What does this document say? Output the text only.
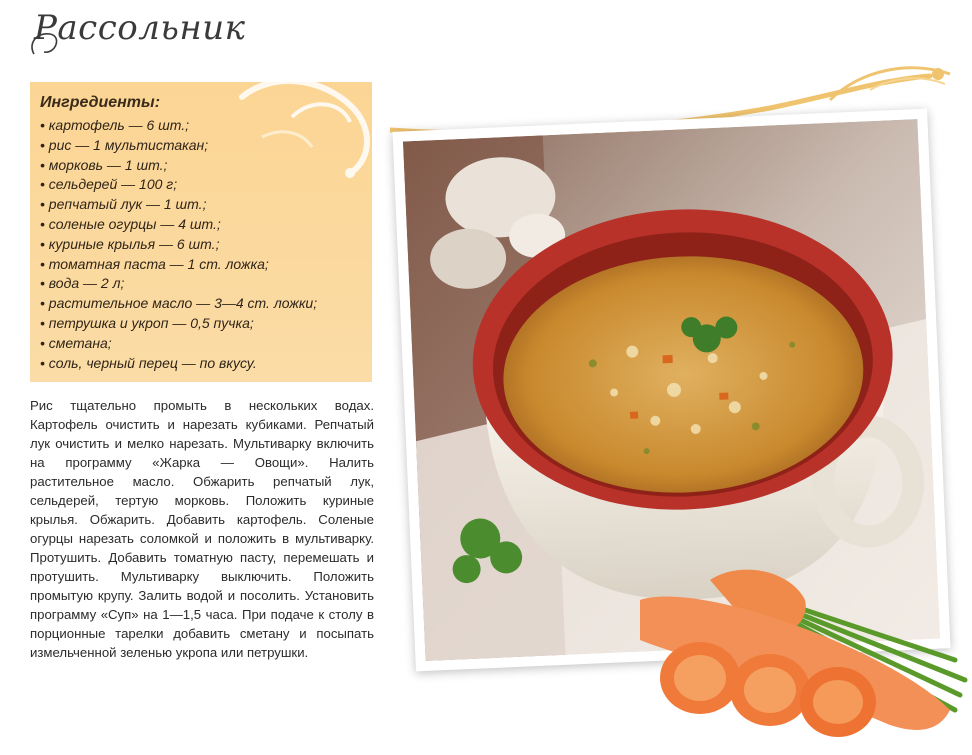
Рассольник
Ингредиенты:
• картофель — 6 шт.;
• рис — 1 мультистакан;
• морковь — 1 шт.;
• сельдерей — 100 г;
• репчатый лук — 1 шт.;
• соленые огурцы — 4 шт.;
• куриные крылья — 6 шт.;
• томатная паста — 1 ст. ложка;
• вода — 2 л;
• растительное масло — 3—4 ст. ложки;
• петрушка и укроп — 0,5 пучка;
• сметана;
• соль, черный перец — по вкусу.
Рис тщательно промыть в нескольких водах. Картофель очистить и нарезать кубиками. Репчатый лук очистить и мелко нарезать. Мультиварку включить на программу «Жарка — Овощи». Налить растительное масло. Обжарить репчатый лук, сельдерей, тертую морковь. Положить куриные крылья. Обжарить. Добавить картофель. Соленые огурцы нарезать соломкой и положить в мультиварку. Протушить. Добавить томатную пасту, перемешать и протушить. Мультиварку выключить. Положить промытую крупу. Залить водой и посолить. Установить программу «Суп» на 1—1,5 часа. При подаче к столу в порционные тарелки добавить сметану и посыпать измельченной зеленью укропа или петрушки.
